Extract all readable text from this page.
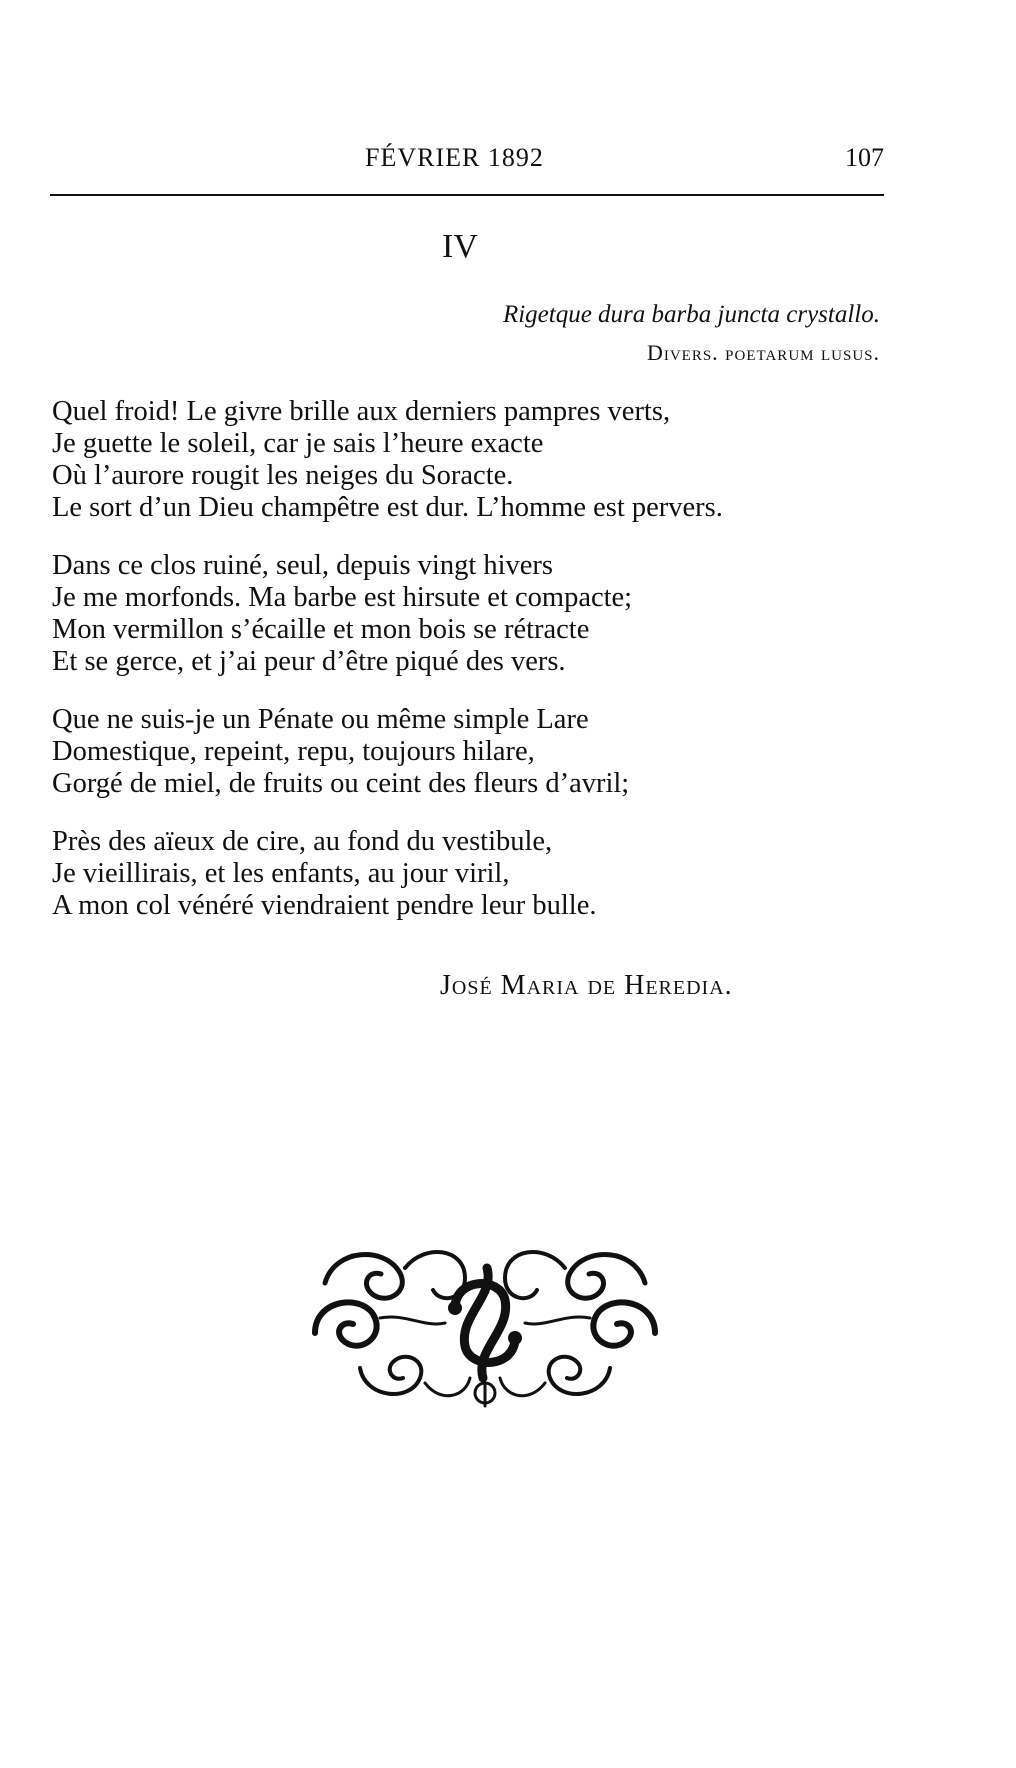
FÉVRIER 1892	107
IV
Rigetque dura barba juncta crystallo.
Divers. poetarum lusus.
Quel froid! Le givre brille aux derniers pampres verts,
Je guette le soleil, car je sais l’heure exacte
Où l’aurore rougit les neiges du Soracte.
Le sort d’un Dieu champêtre est dur. L’homme est pervers.
Dans ce clos ruiné, seul, depuis vingt hivers
Je me morfonds. Ma barbe est hirsute et compacte;
Mon vermillon s’écaille et mon bois se rétracte
Et se gerce, et j’ai peur d’être piqué des vers.
Que ne suis-je un Pénate ou même simple Lare
Domestique, repeint, repu, toujours hilare,
Gorgé de miel, de fruits ou ceint des fleurs d’avril;
Près des aïeux de cire, au fond du vestibule,
Je vieillirais, et les enfants, au jour viril,
A mon col vénéré viendraient pendre leur bulle.
José Maria de Heredia.
